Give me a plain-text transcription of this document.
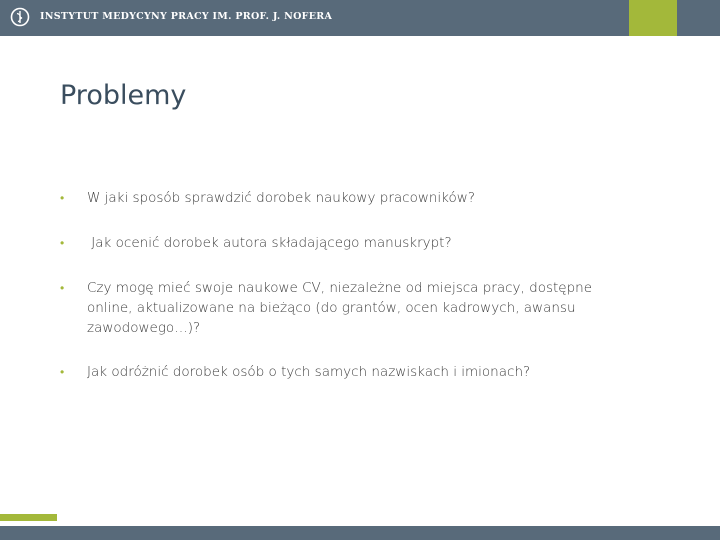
INSTYTUT MEDYCYNY PRACY IM. PROF. J. NOFERA
Problemy
• W jaki sposób sprawdzić dorobek naukowy pracowników?
• Jak ocenić dorobek autora składającego manuskrypt?
• Czy mogę mieć swoje naukowe CV, niezależne od miejsca pracy, dostępne online, aktualizowane na bieżąco (do grantów, ocen kadrowych, awansu zawodowego…)?
• Jak odróżnić dorobek osób o tych samych nazwiskach i imionach?
